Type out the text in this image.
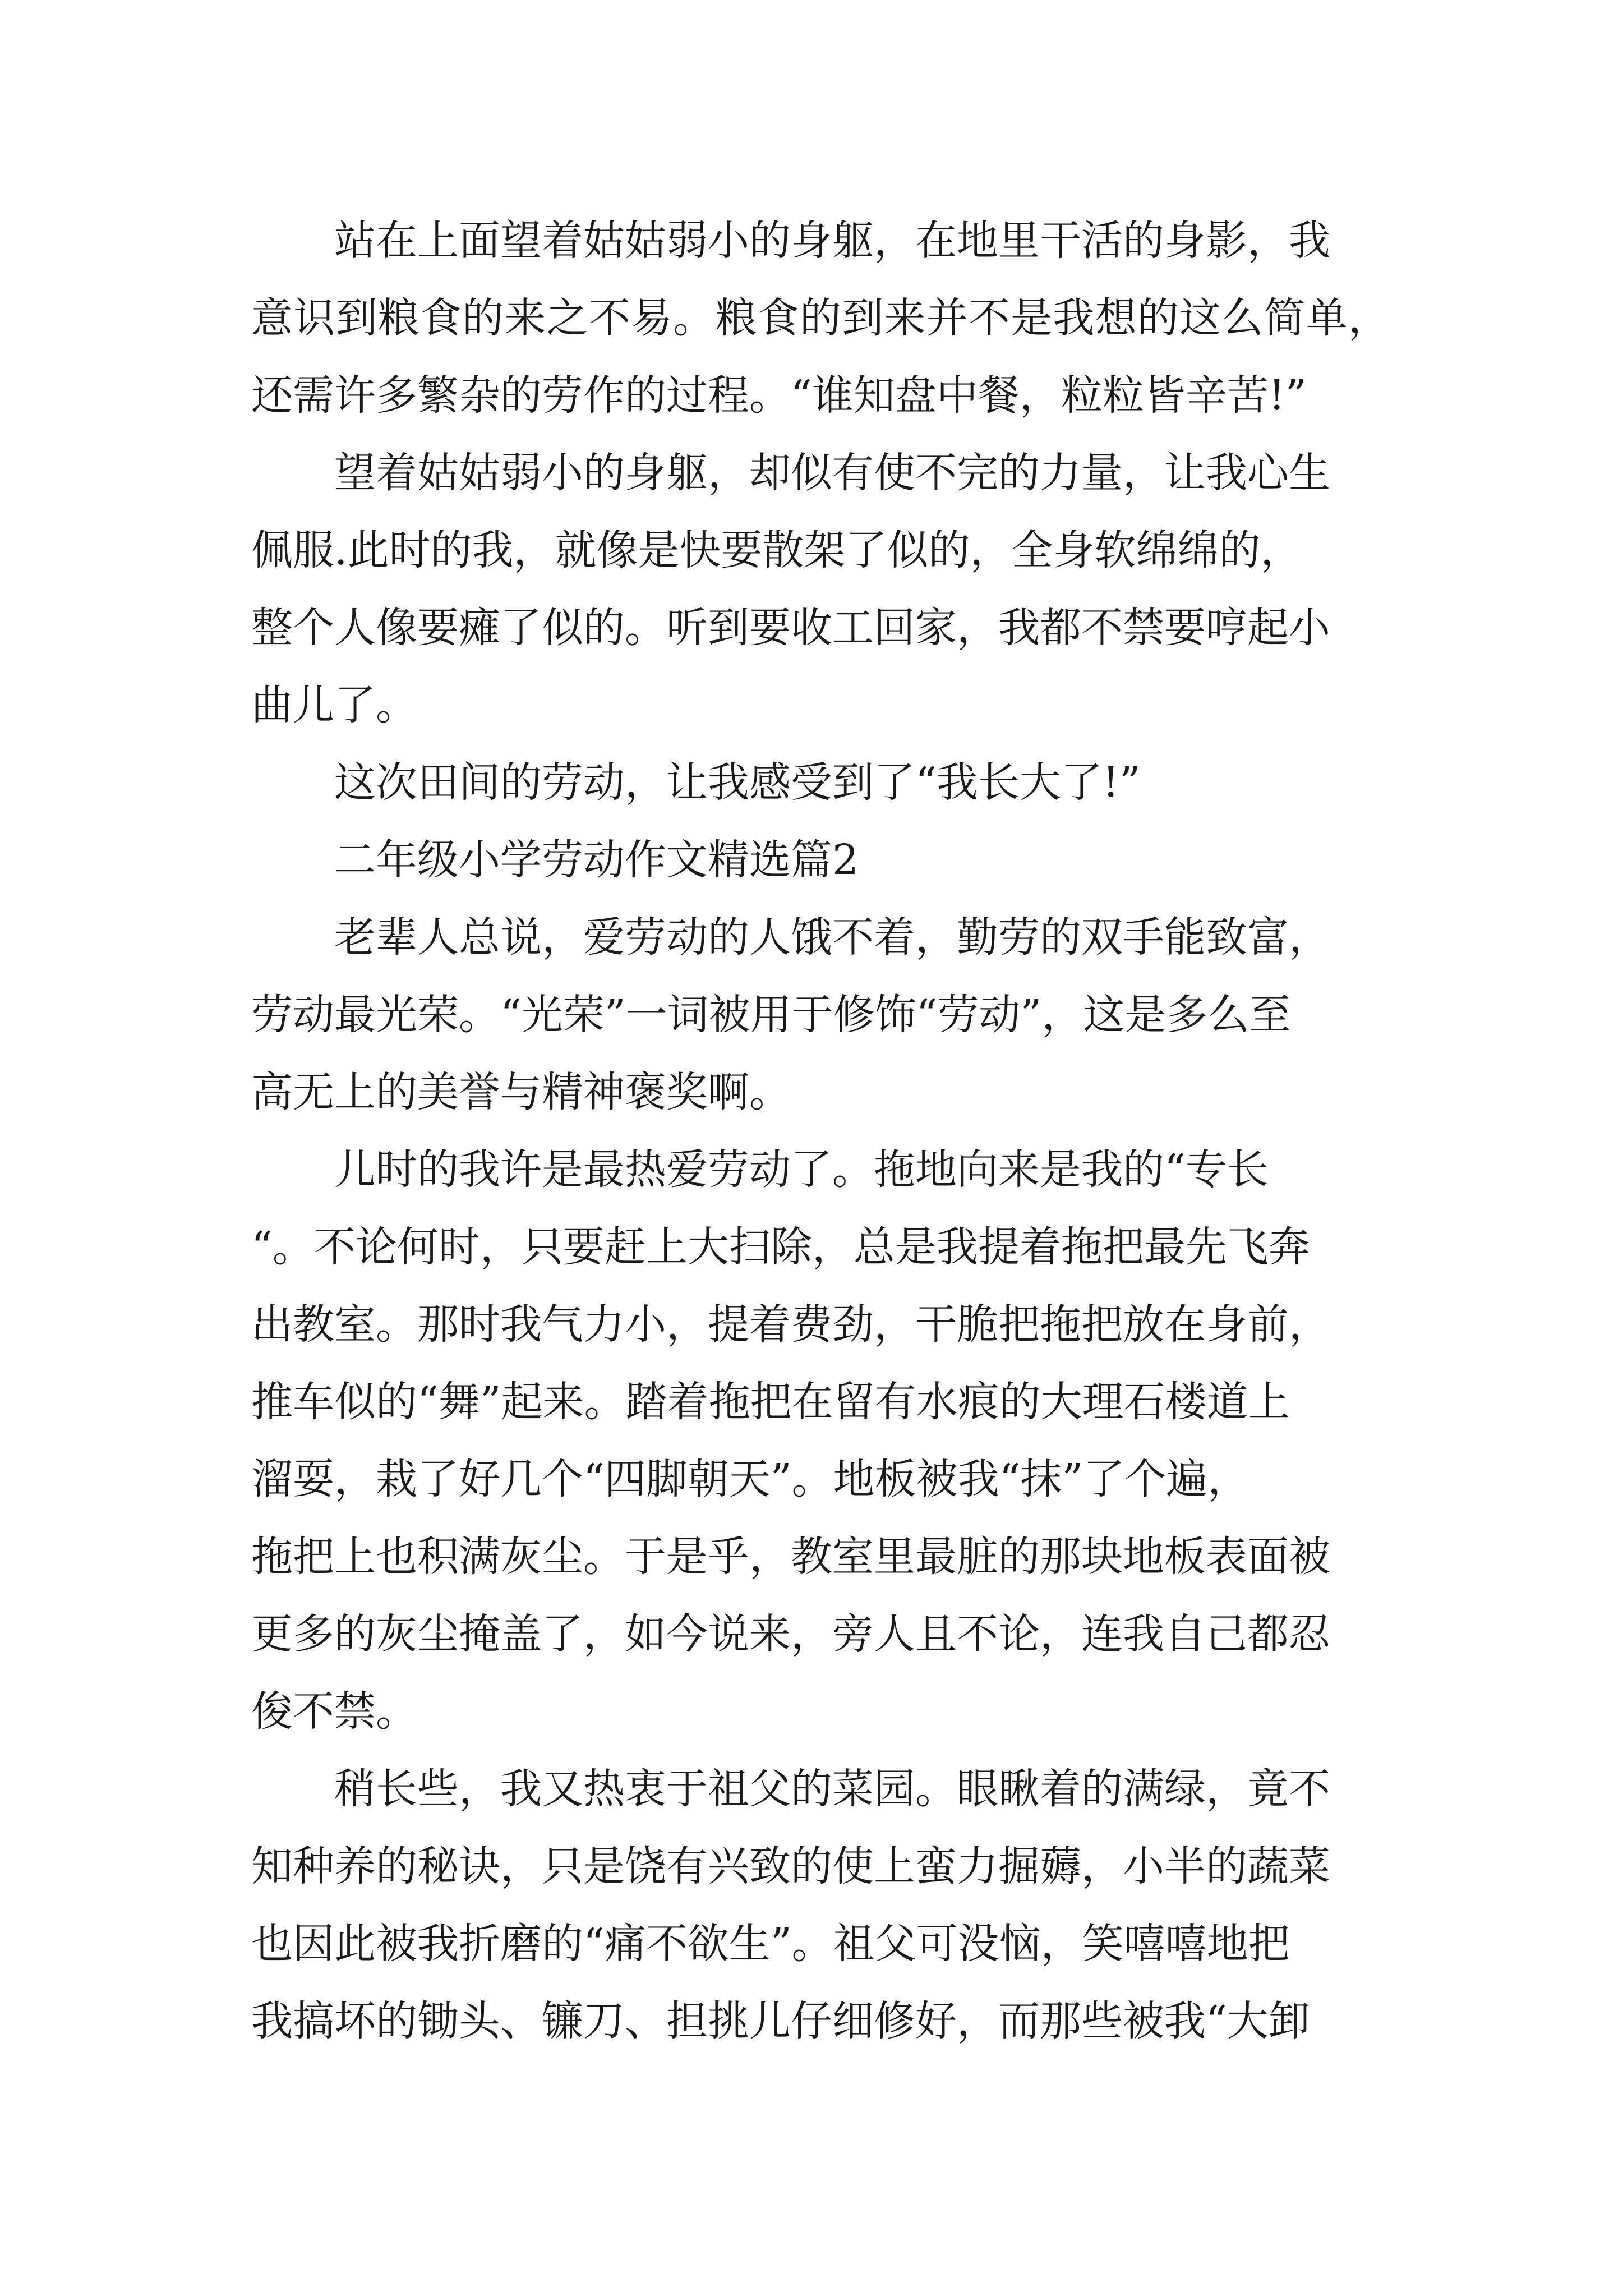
站在上面望着姑姑弱小的身躯，在地里干活的身影，我
意识到粮食的来之不易。粮食的到来并不是我想的这么简单，
还需许多繁杂的劳作的过程。“谁知盘中餐，粒粒皆辛苦!”
望着姑姑弱小的身躯，却似有使不完的力量，让我心生
佩服.此时的我，就像是快要散架了似的，全身软绵绵的，
整个人像要瘫了似的。听到要收工回家，我都不禁要哼起小
曲儿了。
这次田间的劳动，让我感受到了“我长大了!”
二年级小学劳动作文精选篇2
老辈人总说，爱劳动的人饿不着，勤劳的双手能致富，
劳动最光荣。“光荣”一词被用于修饰“劳动”，这是多么至
高无上的美誉与精神褒奖啊。
儿时的我许是最热爱劳动了。拖地向来是我的“专长
“。不论何时，只要赶上大扫除，总是我提着拖把最先飞奔
出教室。那时我气力小，提着费劲，干脆把拖把放在身前，
推车似的“舞”起来。踏着拖把在留有水痕的大理石楼道上
溜耍，栽了好几个“四脚朝天”。地板被我“抹”了个遍，
拖把上也积满灰尘。于是乎，教室里最脏的那块地板表面被
更多的灰尘掩盖了，如今说来，旁人且不论，连我自己都忍
俊不禁。
稍长些，我又热衷于祖父的菜园。眼瞅着的满绿，竟不
知种养的秘诀，只是饶有兴致的使上蛮力掘薅，小半的蔬菜
也因此被我折磨的“痛不欲生”。祖父可没恼，笑嘻嘻地把
我搞坏的锄头、镰刀、担挑儿仔细修好，而那些被我“大卸
